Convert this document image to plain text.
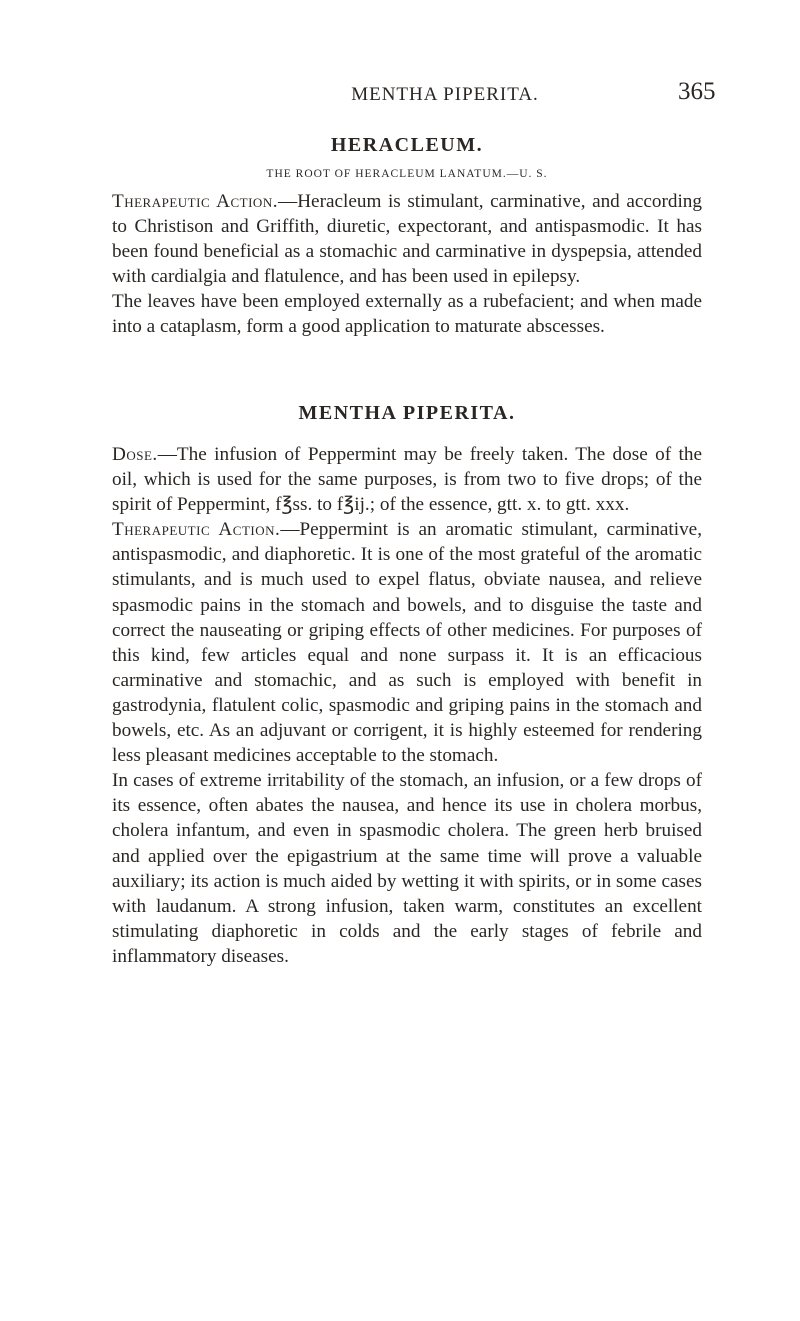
MENTHA PIPERITA.	365
HERACLEUM.

THE ROOT OF HERACLEUM LANATUM.—U. S.

Therapeutic Action.—Heracleum is stimulant, carminative, and according to Christison and Griffith, diuretic, expectorant, and antispasmodic. It has been found beneficial as a stomachic and carminative in dyspepsia, attended with cardialgia and flatulence, and has been used in epilepsy.

The leaves have been employed externally as a rubefacient; and when made into a cataplasm, form a good application to maturate abscesses.

MENTHA PIPERITA.

Dose.—The infusion of Peppermint may be freely taken. The dose of the oil, which is used for the same purposes, is from two to five drops; of the spirit of Peppermint, f℥ss. to f℥ij.; of the essence, gtt. x. to gtt. xxx.

Therapeutic Action.—Peppermint is an aromatic stimulant, carminative, antispasmodic, and diaphoretic. It is one of the most grateful of the aromatic stimulants, and is much used to expel flatus, obviate nausea, and relieve spasmodic pains in the stomach and bowels, and to disguise the taste and correct the nauseating or griping effects of other medicines. For purposes of this kind, few articles equal and none surpass it. It is an efficacious carminative and stomachic, and as such is employed with benefit in gastrodynia, flatulent colic, spasmodic and griping pains in the stomach and bowels, etc. As an adjuvant or corrigent, it is highly esteemed for rendering less pleasant medicines acceptable to the stomach.

In cases of extreme irritability of the stomach, an infusion, or a few drops of its essence, often abates the nausea, and hence its use in cholera morbus, cholera infantum, and even in spasmodic cholera. The green herb bruised and applied over the epigastrium at the same time will prove a valuable auxiliary; its action is much aided by wetting it with spirits, or in some cases with laudanum. A strong infusion, taken warm, constitutes an excellent stimulating diaphoretic in colds and the early stages of febrile and inflammatory diseases.
